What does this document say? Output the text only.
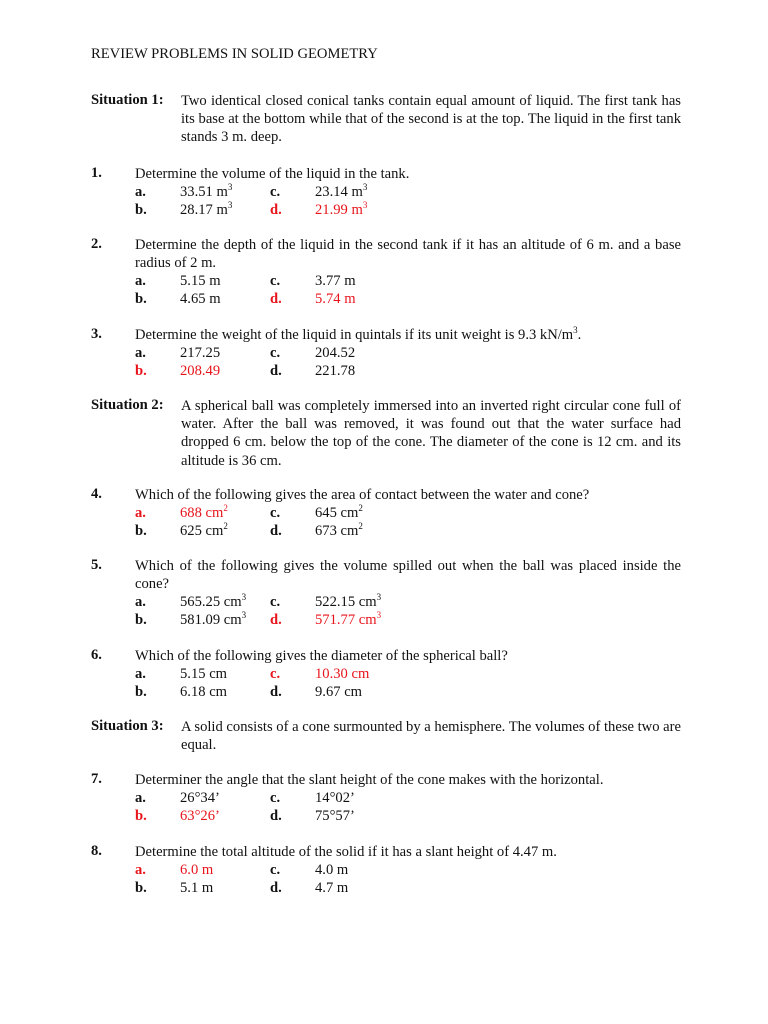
REVIEW PROBLEMS IN SOLID GEOMETRY
Situation 1: Two identical closed conical tanks contain equal amount of liquid. The first tank has its base at the bottom while that of the second is at the top. The liquid in the first tank stands 3 m. deep.
1. Determine the volume of the liquid in the tank.
a. 33.51 $m^3$	c. 23.14 $m^3$
b. 28.17 $m^3$	d. 21.99 $m^3$
2. Determine the depth of the liquid in the second tank if it has an altitude of 6 m. and a base radius of 2 m.
a. 5.15 m	c. 3.77 m
b. 4.65 m	d. 5.74 m
3. Determine the weight of the liquid in quintals if its unit weight is 9.3 $kN/m^3$.
a. 217.25	c. 204.52
b. 208.49	d. 221.78
Situation 2: A spherical ball was completely immersed into an inverted right circular cone full of water. After the ball was removed, it was found out that the water surface had dropped 6 cm. below the top of the cone. The diameter of the cone is 12 cm. and its altitude is 36 cm.
4. Which of the following gives the area of contact between the water and cone?
a. 688 $cm^2$	c. 645 $cm^2$
b. 625 $cm^2$	d. 673 $cm^2$
5. Which of the following gives the volume spilled out when the ball was placed inside the cone?
a. 565.25 $cm^3$ c. 522.15 $cm^3$
b. 581.09 $cm^3$ d. 571.77 $cm^3$
6. Which of the following gives the diameter of the spherical ball?
a. 5.15 cm	c. 10.30 cm
b. 6.18 cm	d. 9.67 cm
Situation 3: A solid consists of a cone surmounted by a hemisphere. The volumes of these two are equal.
7. Determiner the angle that the slant height of the cone makes with the horizontal.
a. 26°34’	c. 14°02’
b. 63°26’	d. 75°57’
8. Determine the total altitude of the solid if it has a slant height of 4.47 m.
a. 6.0 m	c. 4.0 m
b. 5.1 m	d. 4.7 m
